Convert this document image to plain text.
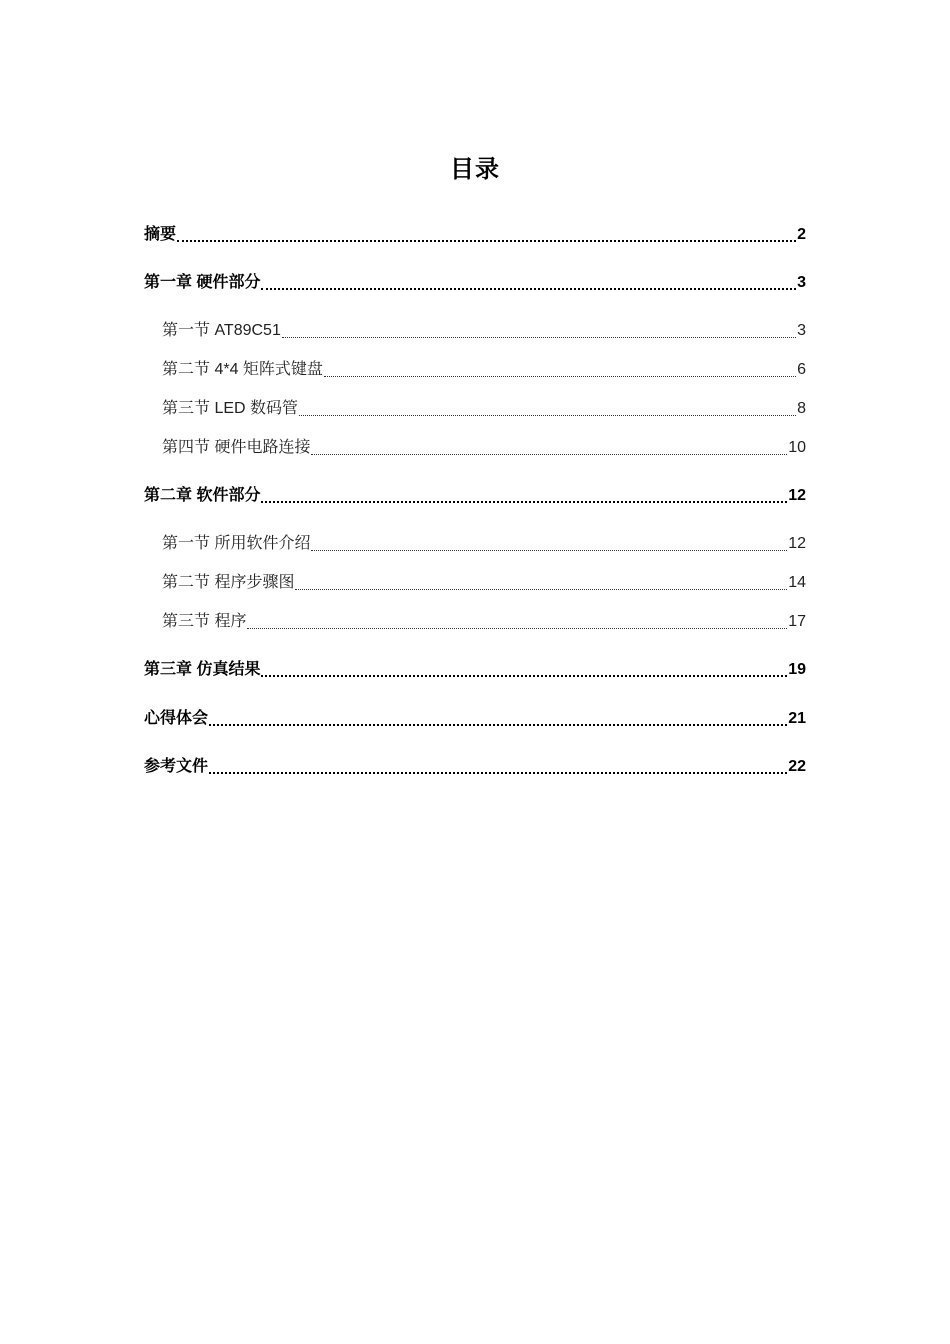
目录
摘要	2
第一章 硬件部分	3
第一节 AT89C51	3
第二节 4*4 矩阵式键盘	6
第三节 LED 数码管	8
第四节 硬件电路连接	10
第二章 软件部分	12
第一节 所用软件介绍	12
第二节 程序步骤图	14
第三节 程序	17
第三章 仿真结果	19
心得体会	21
参考文件	22
